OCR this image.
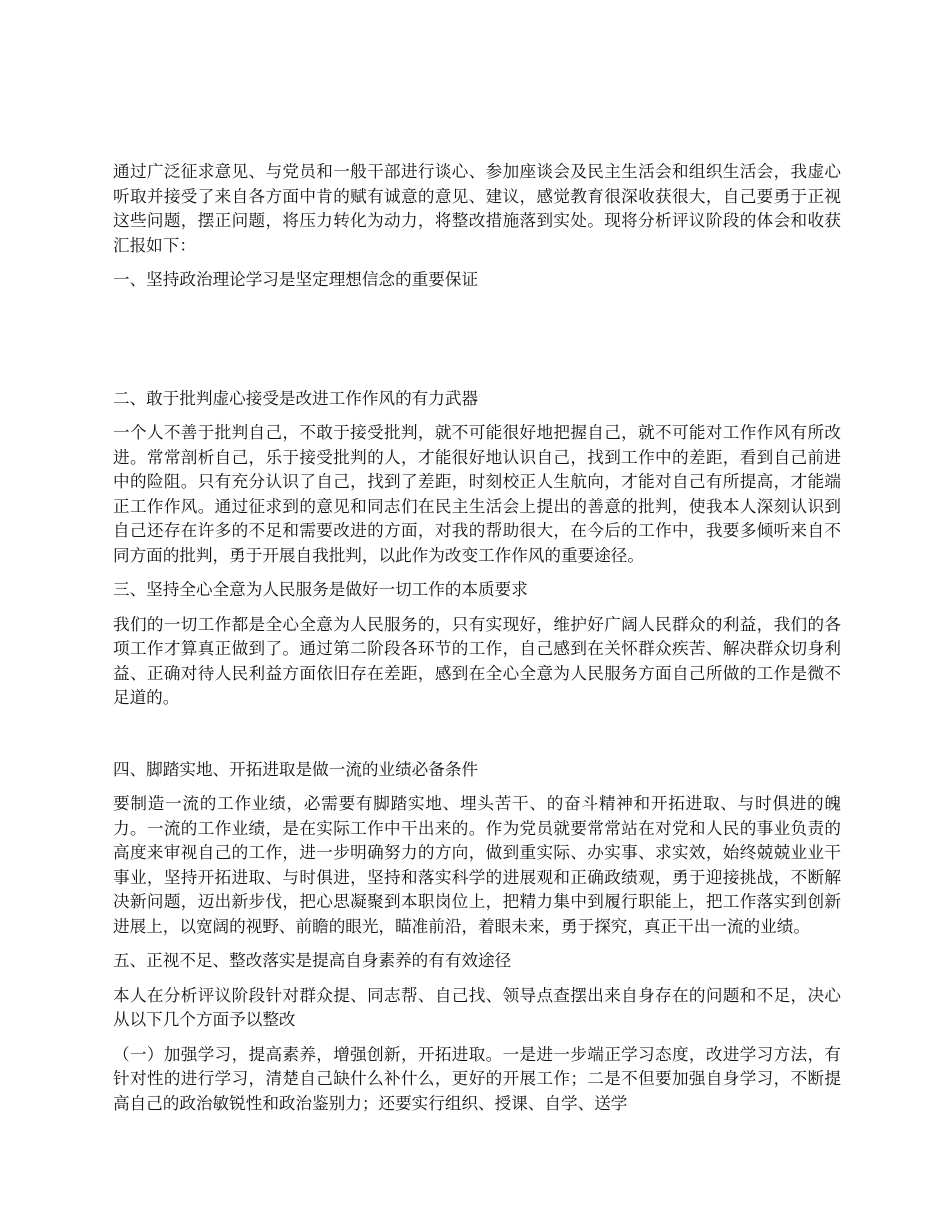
通过广泛征求意见、与党员和一般干部进行谈心、参加座谈会及民主生活会和组织生活会，我虚心听取并接受了来自各方面中肯的赋有诚意的意见、建议，感觉教育很深收获很大，自己要勇于正视这些问题，摆正问题，将压力转化为动力，将整改措施落到实处。现将分析评议阶段的体会和收获汇报如下：

一、坚持政治理论学习是坚定理想信念的重要保证

二、敢于批判虚心接受是改进工作作风的有力武器

一个人不善于批判自己，不敢于接受批判，就不可能很好地把握自己，就不可能对工作作风有所改进。常常剖析自己，乐于接受批判的人，才能很好地认识自己，找到工作中的差距，看到自己前进中的险阻。只有充分认识了自己，找到了差距，时刻校正人生航向，才能对自己有所提高，才能端正工作作风。通过征求到的意见和同志们在民主生活会上提出的善意的批判，使我本人深刻认识到自己还存在许多的不足和需要改进的方面，对我的帮助很大，在今后的工作中，我要多倾听来自不同方面的批判，勇于开展自我批判，以此作为改变工作作风的重要途径。

三、坚持全心全意为人民服务是做好一切工作的本质要求

我们的一切工作都是全心全意为人民服务的，只有实现好，维护好广阔人民群众的利益，我们的各项工作才算真正做到了。通过第二阶段各环节的工作，自己感到在关怀群众疾苦、解决群众切身利益、正确对待人民利益方面依旧存在差距，感到在全心全意为人民服务方面自己所做的工作是微不足道的。

四、脚踏实地、开拓进取是做一流的业绩必备条件

要制造一流的工作业绩，必需要有脚踏实地、埋头苦干、的奋斗精神和开拓进取、与时俱进的魄力。一流的工作业绩，是在实际工作中干出来的。作为党员就要常常站在对党和人民的事业负责的高度来审视自己的工作，进一步明确努力的方向，做到重实际、办实事、求实效，始终兢兢业业干事业，坚持开拓进取、与时俱进，坚持和落实科学的进展观和正确政绩观，勇于迎接挑战，不断解决新问题，迈出新步伐，把心思凝聚到本职岗位上，把精力集中到履行职能上，把工作落实到创新进展上，以宽阔的视野、前瞻的眼光，瞄准前沿，着眼未来，勇于探究，真正干出一流的业绩。

五、正视不足、整改落实是提高自身素养的有有效途径

本人在分析评议阶段针对群众提、同志帮、自己找、领导点查摆出来自身存在的问题和不足，决心从以下几个方面予以整改

（一）加强学习，提高素养，增强创新，开拓进取。一是进一步端正学习态度，改进学习方法，有针对性的进行学习，清楚自己缺什么补什么，更好的开展工作；二是不但要加强自身学习，不断提高自己的政治敏锐性和政治鉴别力；还要实行组织、授课、自学、送学
